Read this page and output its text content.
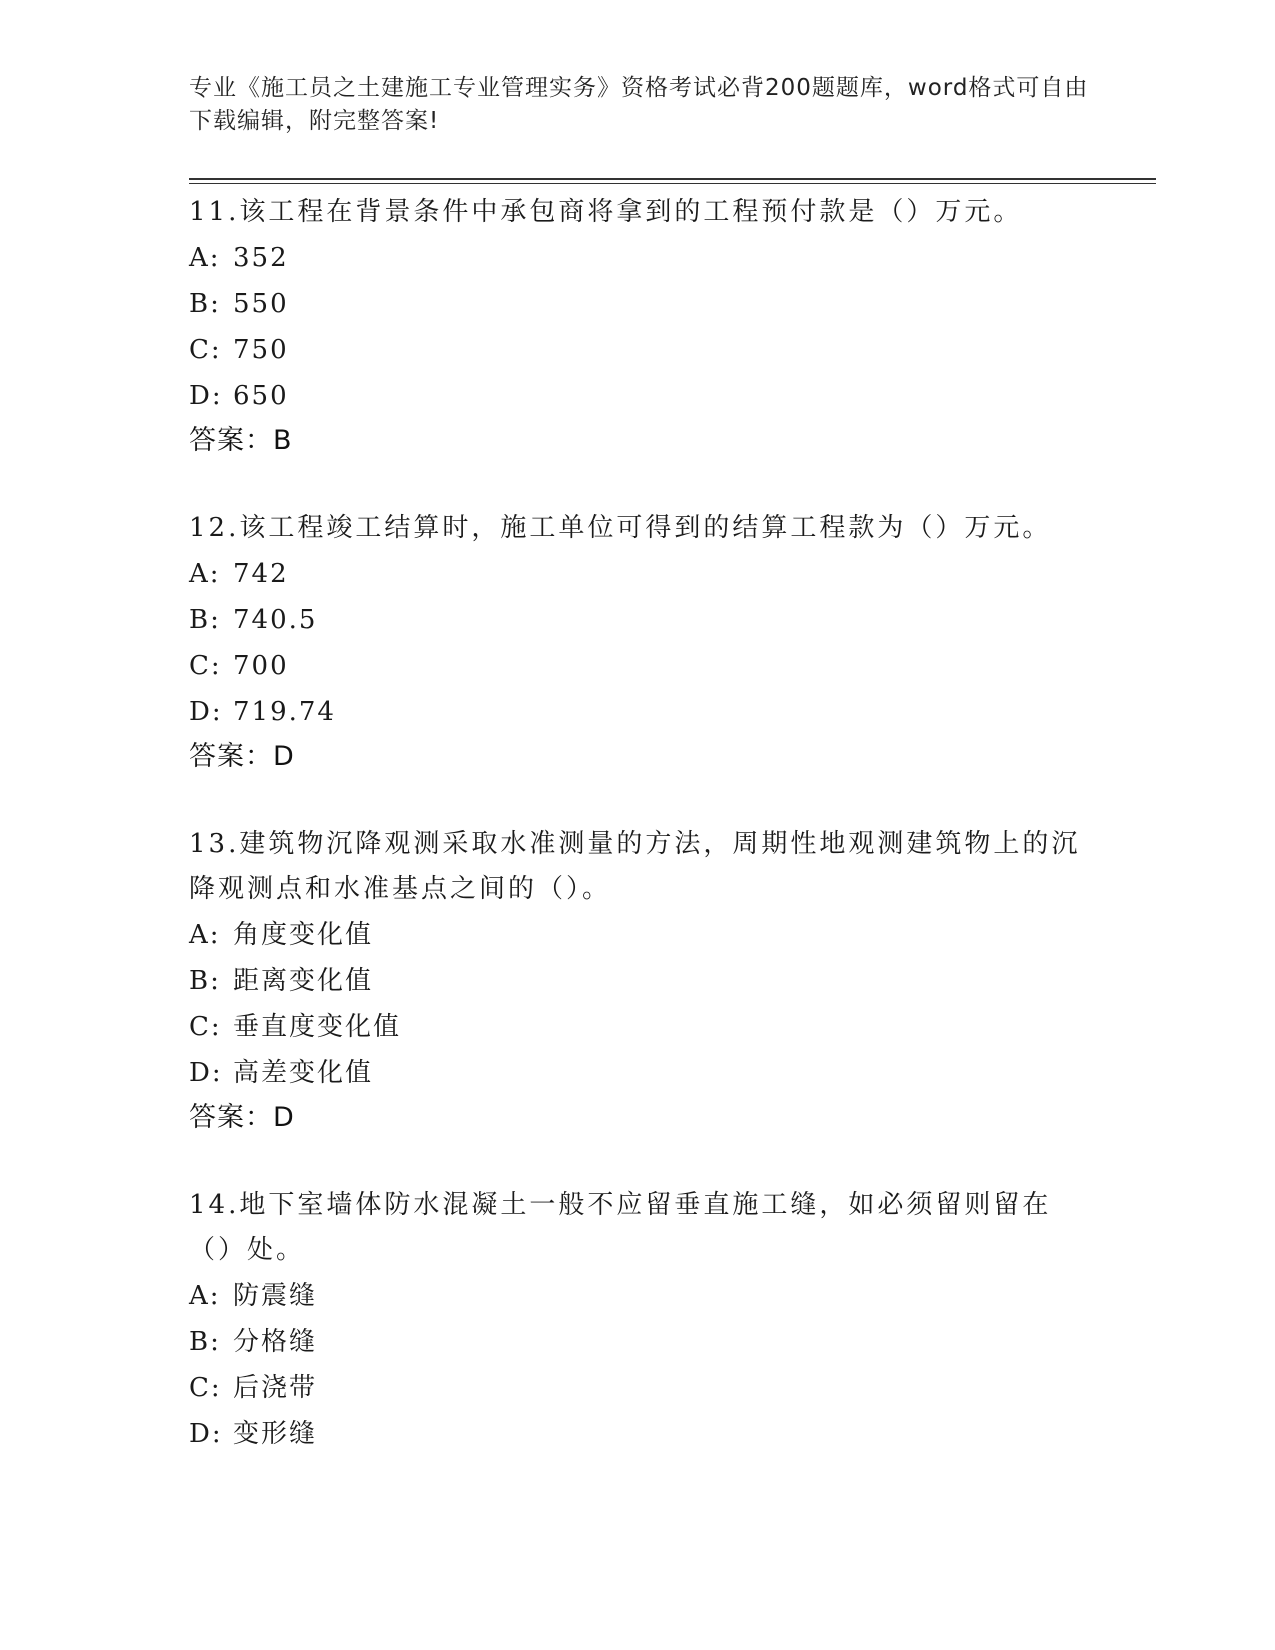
专业《施工员之土建施工专业管理实务》资格考试必背200题题库，word格式可自由下载编辑，附完整答案!
11.该工程在背景条件中承包商将拿到的工程预付款是（）万元。
A: 352
B: 550
C: 750
D: 650
答案：B
12.该工程竣工结算时，施工单位可得到的结算工程款为（）万元。
A: 742
B: 740.5
C: 700
D: 719.74
答案：D
13.建筑物沉降观测采取水准测量的方法，周期性地观测建筑物上的沉降观测点和水准基点之间的（）。
A: 角度变化值
B: 距离变化值
C: 垂直度变化值
D: 高差变化值
答案：D
14.地下室墙体防水混凝土一般不应留垂直施工缝，如必须留则留在（）处。
A: 防震缝
B: 分格缝
C: 后浇带
D: 变形缝
